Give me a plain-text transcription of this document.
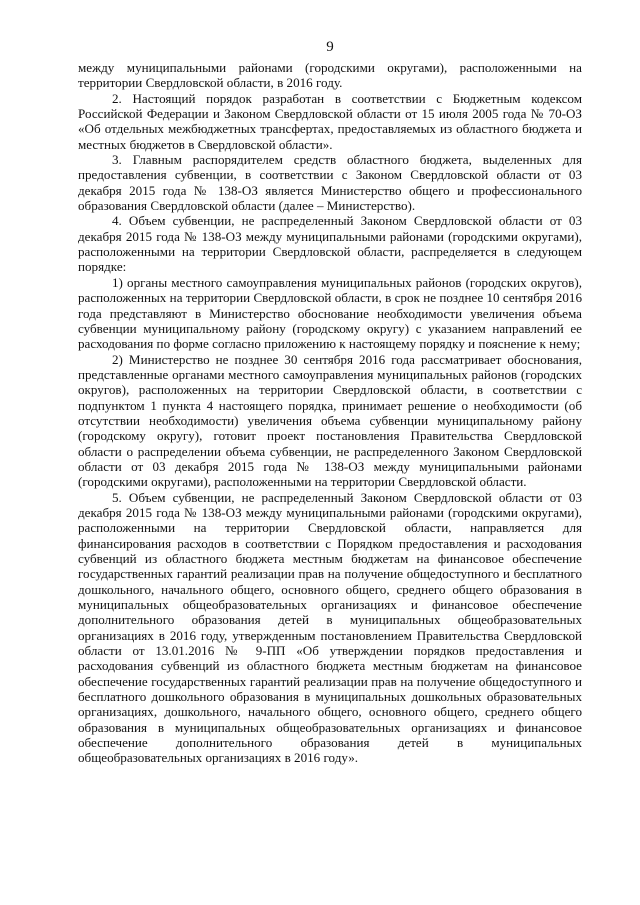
9

между муниципальными районами (городскими округами), расположенными на территории Свердловской области, в 2016 году.

2. Настоящий порядок разработан в соответствии с Бюджетным кодексом Российской Федерации и Законом Свердловской области от 15 июля 2005 года № 70-ОЗ «Об отдельных межбюджетных трансфертах, предоставляемых из областного бюджета и местных бюджетов в Свердловской области».

3. Главным распорядителем средств областного бюджета, выделенных для предоставления субвенции, в соответствии с Законом Свердловской области от 03 декабря 2015 года № 138-ОЗ является Министерство общего и профессионального образования Свердловской области (далее – Министерство).

4. Объем субвенции, не распределенный Законом Свердловской области от 03 декабря 2015 года № 138-ОЗ между муниципальными районами (городскими округами), расположенными на территории Свердловской области, распределяется в следующем порядке:

1) органы местного самоуправления муниципальных районов (городских округов), расположенных на территории Свердловской области, в срок не позднее 10 сентября 2016 года представляют в Министерство обоснование необходимости увеличения объема субвенции муниципальному району (городскому округу) с указанием направлений ее расходования по форме согласно приложению к настоящему порядку и пояснение к нему;

2) Министерство не позднее 30 сентября 2016 года рассматривает обоснования, представленные органами местного самоуправления муниципальных районов (городских округов), расположенных на территории Свердловской области, в соответствии с подпунктом 1 пункта 4 настоящего порядка, принимает решение о необходимости (об отсутствии необходимости) увеличения объема субвенции муниципальному району (городскому округу), готовит проект постановления Правительства Свердловской области о распределении объема субвенции, не распределенного Законом Свердловской области от 03 декабря 2015 года № 138-ОЗ между муниципальными районами (городскими округами), расположенными на территории Свердловской области.

5. Объем субвенции, не распределенный Законом Свердловской области от 03 декабря 2015 года № 138-ОЗ между муниципальными районами (городскими округами), расположенными на территории Свердловской области, направляется для финансирования расходов в соответствии с Порядком предоставления и расходования субвенций из областного бюджета местным бюджетам на финансовое обеспечение государственных гарантий реализации прав на получение общедоступного и бесплатного дошкольного, начального общего, основного общего, среднего общего образования в муниципальных общеобразовательных организациях и финансовое обеспечение дополнительного образования детей в муниципальных общеобразовательных организациях в 2016 году, утвержденным постановлением Правительства Свердловской области от 13.01.2016 № 9-ПП «Об утверждении порядков предоставления и расходования субвенций из областного бюджета местным бюджетам на финансовое обеспечение государственных гарантий реализации прав на получение общедоступного и бесплатного дошкольного образования в муниципальных дошкольных образовательных организациях, дошкольного, начального общего, основного общего, среднего общего образования в муниципальных общеобразовательных организациях и финансовое обеспечение дополнительного образования детей в муниципальных общеобразовательных организациях в 2016 году».
